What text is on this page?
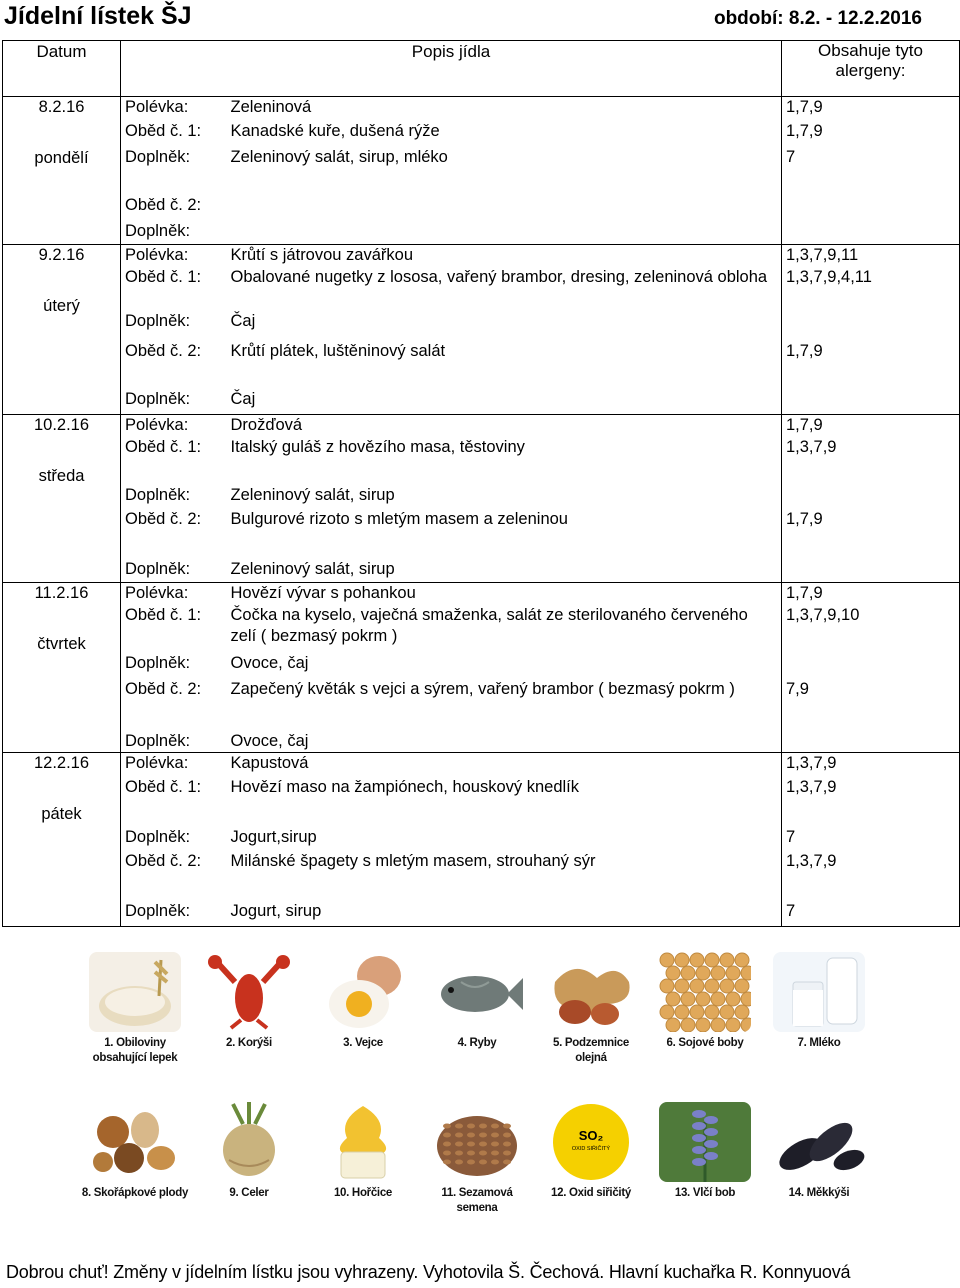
Jídelní lístek ŠJ	období: 8.2. - 12.2.2016
Datum	Popis jídla		Obsahuje tyto alergeny:

8.2.16
pondělí	Polévka:	Zeleninová	1,7,9
	Oběd č. 1:	Kanadské kuře, dušená rýže	1,7,9
	Doplněk:	Zeleninový salát, sirup, mléko	7
	Oběd č. 2:		
	Doplněk:		

9.2.16
úterý	Polévka:	Krůtí s játrovou zavářkou	1,3,7,9,11
	Oběd č. 1:	Obalované nugetky z lososa, vařený brambor, dresing, zeleninová obloha	1,3,7,9,4,11
	Doplněk:	Čaj	
	Oběd č. 2:	Krůtí plátek, luštěninový salát	1,7,9
	Doplněk:	Čaj	

10.2.16
středa	Polévka:	Drožďová	1,7,9
	Oběd č. 1:	Italský guláš z hovězího masa, těstoviny	1,3,7,9
	Doplněk:	Zeleninový salát, sirup	
	Oběd č. 2:	Bulgurové rizoto s mletým masem a zeleninou	1,7,9
	Doplněk:	Zeleninový salát, sirup	

11.2.16
čtvrtek	Polévka:	Hovězí vývar s pohankou	1,7,9
	Oběd č. 1:	Čočka na kyselo, vaječná smaženka, salát ze sterilovaného červeného zelí ( bezmasý pokrm )	1,3,7,9,10
	Doplněk:	Ovoce, čaj	
	Oběd č. 2:	Zapečený květák s vejci a sýrem, vařený brambor ( bezmasý pokrm )	7,9
	Doplněk:	Ovoce, čaj	

12.2.16
pátek	Polévka:	Kapustová	1,3,7,9
	Oběd č. 1:	Hovězí maso na žampiónech, houskový knedlík	1,3,7,9
	Doplněk:	Jogurt,sirup	7
	Oběd č. 2:	Milánské špagety s mletým masem, strouhaný sýr	1,3,7,9
	Doplněk:	Jogurt, sirup	7
1. Obiloviny obsahující lepek
2. Korýši	3. Vejce	4. Ryby	5. Podzemnice olejná
6. Sojové boby	7. Mléko
8. Skořápkové plody	9. Celer	10. Hořčice	11. Sezamová semena
SO₂
OXID SIŘIČITÝ
12. Oxid siřičitý	13. Vlčí bob	14. Měkkýši
Dobrou chuť! Změny v jídelním lístku jsou vyhrazeny. Vyhotovila Š. Čechová. Hlavní kuchařka R. Konnyuová
